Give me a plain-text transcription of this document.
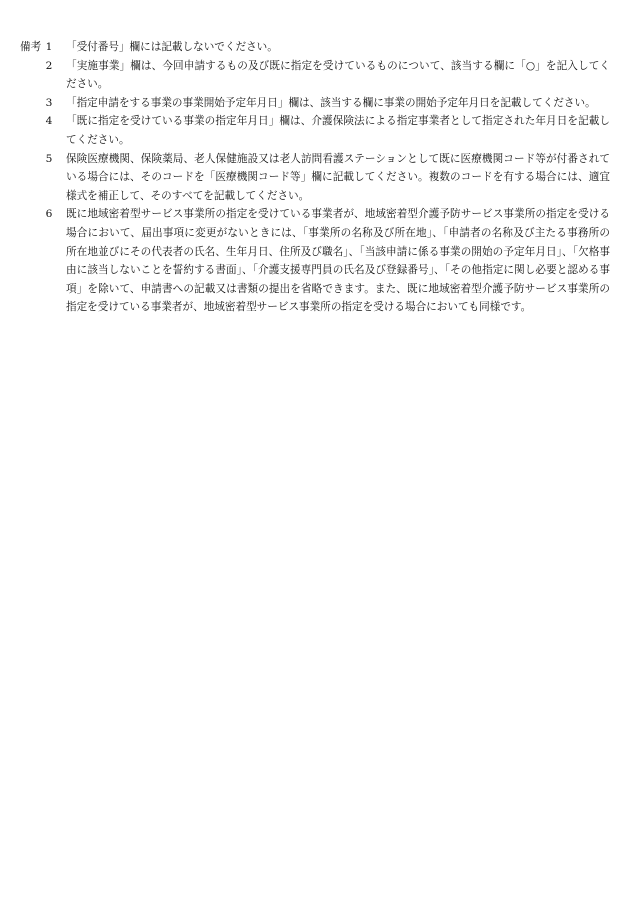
備考 1	「受付番号」欄には記載しないでください。
2	「実施事業」欄は、今回申請するもの及び既に指定を受けているものについて、該当する欄に「○」を記入してください。
3	「指定申請をする事業の事業開始予定年月日」欄は、該当する欄に事業の開始予定年月日を記載してください。
4	「既に指定を受けている事業の指定年月日」欄は、介護保険法による指定事業者として指定された年月日を記載してください。
5	保険医療機関、保険薬局、老人保健施設又は老人訪問看護ステーションとして既に医療機関コード等が付番されている場合には、そのコードを「医療機関コード等」欄に記載してください。複数のコードを有する場合には、適宜様式を補正して、そのすべてを記載してください。
6	既に地域密着型サービス事業所の指定を受けている事業者が、地域密着型介護予防サービス事業所の指定を受ける場合において、届出事項に変更がないときには、「事業所の名称及び所在地」、「申請者の名称及び主たる事務所の所在地並びにその代表者の氏名、生年月日、住所及び職名」、「当該申請に係る事業の開始の予定年月日」、「欠格事由に該当しないことを誓約する書面」、「介護支援専門員の氏名及び登録番号」、「その他指定に関し必要と認める事項」を除いて、申請書への記載又は書類の提出を省略できます。また、既に地域密着型介護予防サービス事業所の指定を受けている事業者が、地域密着型サービス事業所の指定を受ける場合においても同様です。
